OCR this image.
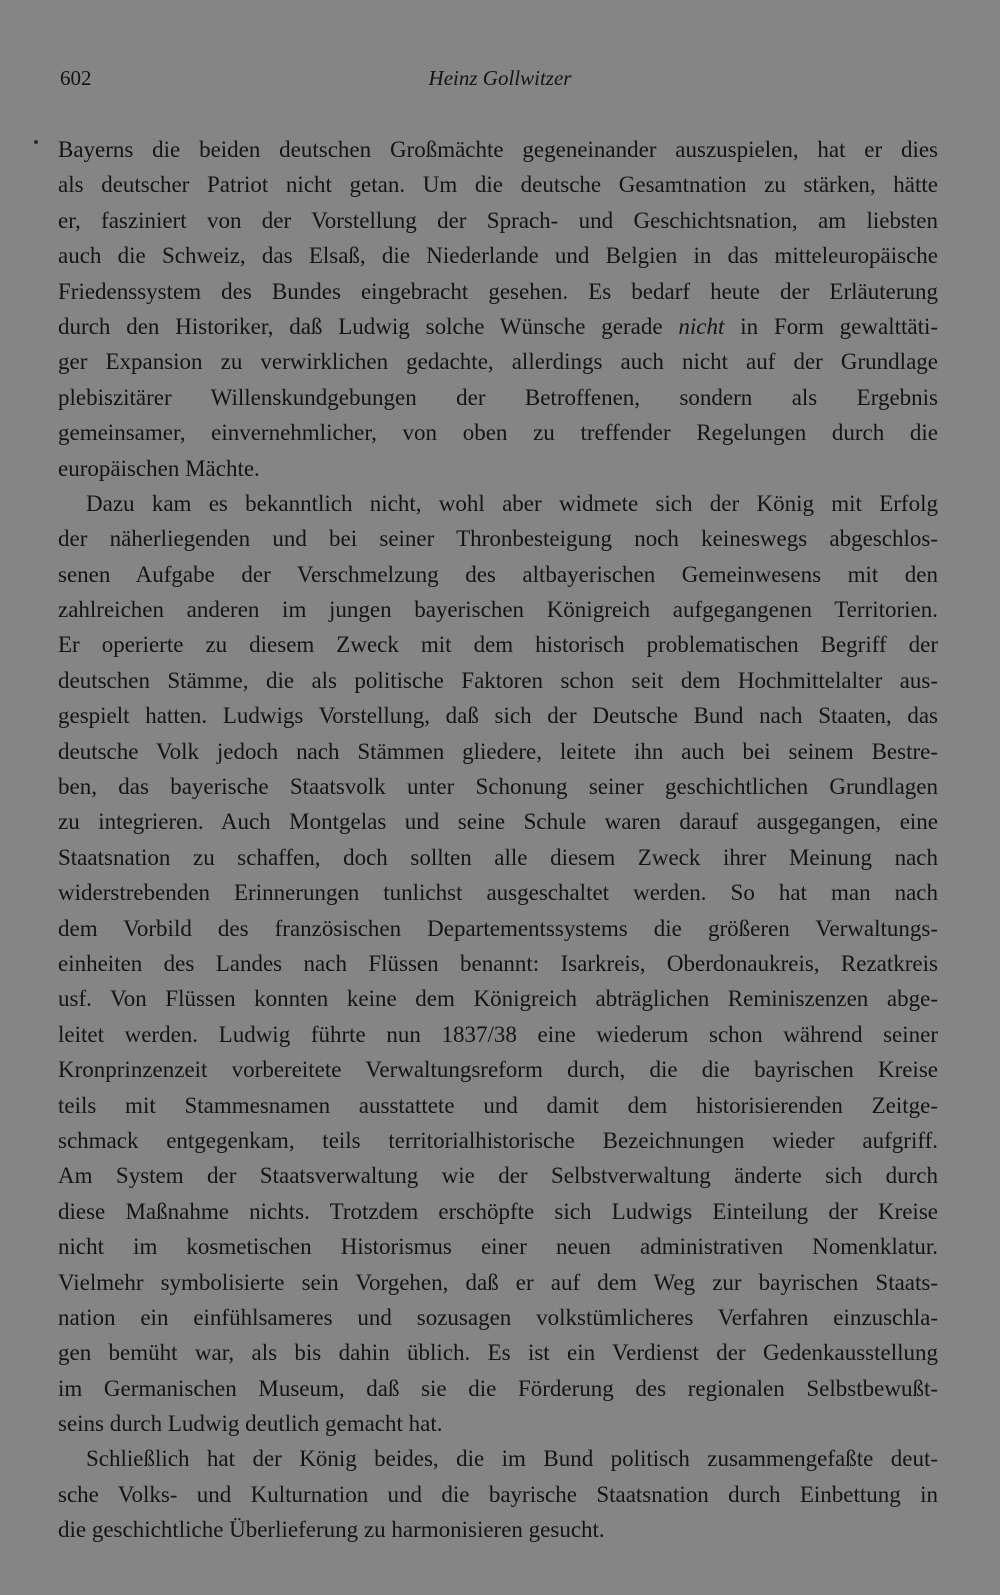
602	Heinz Gollwitzer
Bayerns die beiden deutschen Großmächte gegeneinander auszuspielen, hat er dies
als deutscher Patriot nicht getan. Um die deutsche Gesamtnation zu stärken, hätte
er, fasziniert von der Vorstellung der Sprach- und Geschichtsnation, am liebsten
auch die Schweiz, das Elsaß, die Niederlande und Belgien in das mitteleuropäische
Friedenssystem des Bundes eingebracht gesehen. Es bedarf heute der Erläuterung
durch den Historiker, daß Ludwig solche Wünsche gerade nicht in Form gewalttäti-
ger Expansion zu verwirklichen gedachte, allerdings auch nicht auf der Grundlage
plebiszitärer Willenskundgebungen der Betroffenen, sondern als Ergebnis
gemeinsamer, einvernehmlicher, von oben zu treffender Regelungen durch die
europäischen Mächte.
Dazu kam es bekanntlich nicht, wohl aber widmete sich der König mit Erfolg
der näherliegenden und bei seiner Thronbesteigung noch keineswegs abgeschlos-
senen Aufgabe der Verschmelzung des altbayerischen Gemeinwesens mit den
zahlreichen anderen im jungen bayerischen Königreich aufgegangenen Territorien.
Er operierte zu diesem Zweck mit dem historisch problematischen Begriff der
deutschen Stämme, die als politische Faktoren schon seit dem Hochmittelalter aus-
gespielt hatten. Ludwigs Vorstellung, daß sich der Deutsche Bund nach Staaten, das
deutsche Volk jedoch nach Stämmen gliedere, leitete ihn auch bei seinem Bestre-
ben, das bayerische Staatsvolk unter Schonung seiner geschichtlichen Grundlagen
zu integrieren. Auch Montgelas und seine Schule waren darauf ausgegangen, eine
Staatsnation zu schaffen, doch sollten alle diesem Zweck ihrer Meinung nach
widerstrebenden Erinnerungen tunlichst ausgeschaltet werden. So hat man nach
dem Vorbild des französischen Departementssystems die größeren Verwaltungs-
einheiten des Landes nach Flüssen benannt: Isarkreis, Oberdonaukreis, Rezatkreis
usf. Von Flüssen konnten keine dem Königreich abträglichen Reminiszenzen abge-
leitet werden. Ludwig führte nun 1837/38 eine wiederum schon während seiner
Kronprinzenzeit vorbereitete Verwaltungsreform durch, die die bayrischen Kreise
teils mit Stammesnamen ausstattete und damit dem historisierenden Zeitge-
schmack entgegenkam, teils territorialhistorische Bezeichnungen wieder aufgriff.
Am System der Staatsverwaltung wie der Selbstverwaltung änderte sich durch
diese Maßnahme nichts. Trotzdem erschöpfte sich Ludwigs Einteilung der Kreise
nicht im kosmetischen Historismus einer neuen administrativen Nomenklatur.
Vielmehr symbolisierte sein Vorgehen, daß er auf dem Weg zur bayrischen Staats-
nation ein einfühlsameres und sozusagen volkstümlicheres Verfahren einzuschla-
gen bemüht war, als bis dahin üblich. Es ist ein Verdienst der Gedenkausstellung
im Germanischen Museum, daß sie die Förderung des regionalen Selbstbewußt-
seins durch Ludwig deutlich gemacht hat.
Schließlich hat der König beides, die im Bund politisch zusammengefaßte deut-
sche Volks- und Kulturnation und die bayrische Staatsnation durch Einbettung in
die geschichtliche Überlieferung zu harmonisieren gesucht.
